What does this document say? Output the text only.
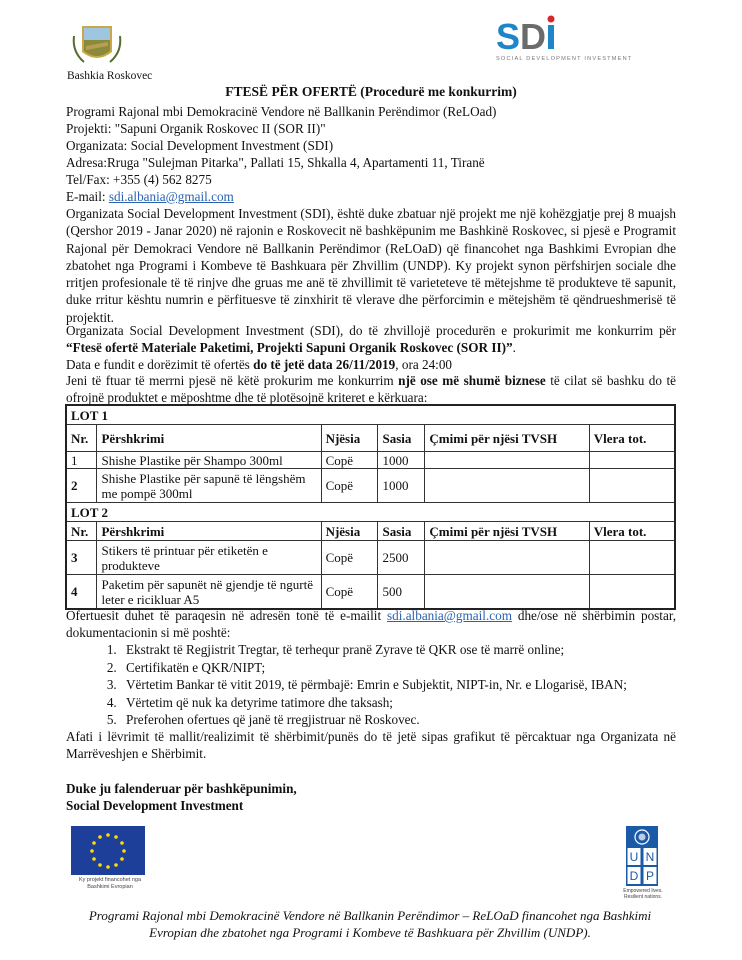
Bashkia Roskovec
S D
SOCIAL DEVELOPMENT INVESTMENT
FTESË PËR OFERTË (Procedurë me konkurrim)
Programi Rajonal mbi Demokracinë Vendore në Ballkanin Perëndimor (ReLOad)
Projekti: "Sapuni Organik Roskovec II (SOR II)"
Organizata: Social Development Investment (SDI)
Adresa:Rruga "Sulejman Pitarka", Pallati 15, Shkalla 4, Apartamenti 11, Tiranë
Tel/Fax: +355 (4) 562 8275
E-mail: sdi.albania@gmail.com

Organizata Social Development Investment (SDI), është duke zbatuar një projekt me një kohëzgjatje prej 8 muajsh (Qershor 2019 - Janar 2020) në rajonin e Roskovecit në bashkëpunim me Bashkinë Roskovec, si pjesë e Programit Rajonal për Demokraci Vendore në Ballkanin Perëndimor (ReLOaD) që financohet nga Bashkimi Evropian dhe zbatohet nga Programi i Kombeve të Bashkuara për Zhvillim (UNDP). Ky projekt synon përfshirjen sociale dhe rritjen profesionale të të rinjve dhe gruas me anë të zhvillimit të varieteteve të mëtejshme të produkteve të sapunit, duke rritur kështu numrin e përfituesve të zinxhirit të vlerave dhe përforcimin e mëtejshëm të qëndrueshmerisë të projektit.

Organizata Social Development Investment (SDI), do të zhvillojë procedurën e prokurimit me konkurrim për “Ftesë ofertë Materiale Paketimi, Projekti Sapuni Organik Roskovec (SOR II)”.

Data e fundit e dorëzimit të ofertës do të jetë data 26/11/2019, ora 24:00

Jeni të ftuar të merrni pjesë në këtë prokurim me konkurrim një ose më shumë biznese të cilat së bashku do të ofrojnë produktet e mëposhtme dhe të plotësojnë kriteret e kërkuara:

LOT 1					
Nr.	Përshkrimi	Njësia	Sasia	Çmimi për njësi TVSH	Vlera tot.
1	Shishe Plastike për Shampo 300ml	Copë	1000		
2	Shishe Plastike për sapunë të lëngshëm me pompë 300ml	Copë	1000		
LOT 2					
Nr.	Përshkrimi	Njësia	Sasia	Çmimi për njësi TVSH	Vlera tot.
3	Stikers të printuar për etiketën e produkteve	Copë	2500		
4	Paketim për sapunët në gjendje të ngurtë leter e ricikluar A5	Copë	500		

Ofertuesit duhet të paraqesin në adresën tonë të e-mailit sdi.albania@gmail.com dhe/ose në shërbimin postar, dokumentacionin si më poshtë:

1. Ekstrakt të Regjistrit Tregtar, të terhequr pranë Zyrave të QKR ose të marrë online;
2. Certifikatën e QKR/NIPT;
3. Vërtetim Bankar të vitit 2019, të përmbajë: Emrin e Subjektit, NIPT-in, Nr. e Llogarisë, IBAN;
4. Vërtetim që nuk ka detyrime tatimore dhe taksash;
5. Preferohen ofertues që janë të rregjistruar në Roskovec.

Afati i lëvrimit të mallit/realizimit të shërbimit/punës do të jetë sipas grafikut të përcaktuar nga Organizata në Marrëveshjen e Shërbimit.

Duke ju falenderuar për bashkëpunimin,
Social Development Investment
Ky projekt financohet nga Bashkimi Evropian
U N
D P
Empowered lives. Resilient nations.
Programi Rajonal mbi Demokracinë Vendore në Ballkanin Perëndimor – ReLOaD financohet nga Bashkimi Evropian dhe zbatohet nga Programi i Kombeve të Bashkuara për Zhvillim (UNDP).
